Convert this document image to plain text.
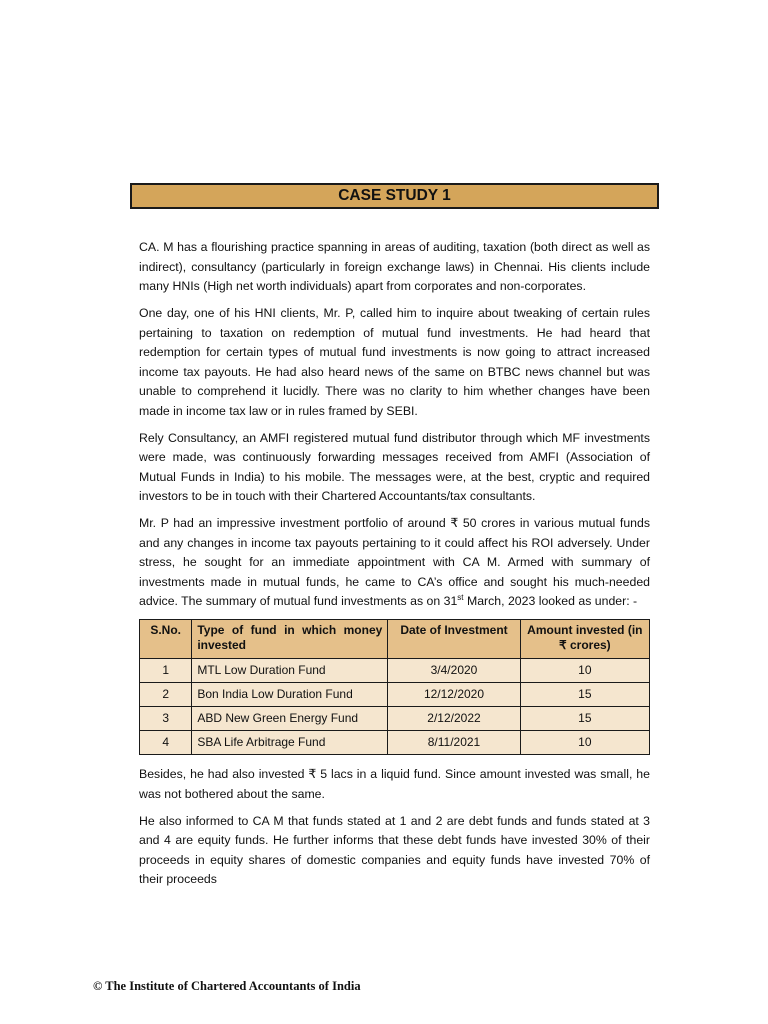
CASE STUDY 1

CA. M has a flourishing practice spanning in areas of auditing, taxation (both direct as well as indirect), consultancy (particularly in foreign exchange laws) in Chennai. His clients include many HNIs (High net worth individuals) apart from corporates and non-corporates.

One day, one of his HNI clients, Mr. P, called him to inquire about tweaking of certain rules pertaining to taxation on redemption of mutual fund investments. He had heard that redemption for certain types of mutual fund investments is now going to attract increased income tax payouts. He had also heard news of the same on BTBC news channel but was unable to comprehend it lucidly. There was no clarity to him whether changes have been made in income tax law or in rules framed by SEBI.

Rely Consultancy, an AMFI registered mutual fund distributor through which MF investments were made, was continuously forwarding messages received from AMFI (Association of Mutual Funds in India) to his mobile. The messages were, at the best, cryptic and required investors to be in touch with their Chartered Accountants/tax consultants.

Mr. P had an impressive investment portfolio of around ₹ 50 crores in various mutual funds and any changes in income tax payouts pertaining to it could affect his ROI adversely. Under stress, he sought for an immediate appointment with CA M. Armed with summary of investments made in mutual funds, he came to CA’s office and sought his much-needed advice. The summary of mutual fund investments as on 31st March, 2023 looked as under: -

S.No.	Type of fund in which money invested	Date of Investment	Amount invested (in ₹ crores)
1	MTL Low Duration Fund	3/4/2020	10
2	Bon India Low Duration Fund	12/12/2020	15
3	ABD New Green Energy Fund	2/12/2022	15
4	SBA Life Arbitrage Fund	8/11/2021	10

Besides, he had also invested ₹ 5 lacs in a liquid fund. Since amount invested was small, he was not bothered about the same.

He also informed to CA M that funds stated at 1 and 2 are debt funds and funds stated at 3 and 4 are equity funds. He further informs that these debt funds have invested 30% of their proceeds in equity shares of domestic companies and equity funds have invested 70% of their proceeds

© The Institute of Chartered Accountants of India
